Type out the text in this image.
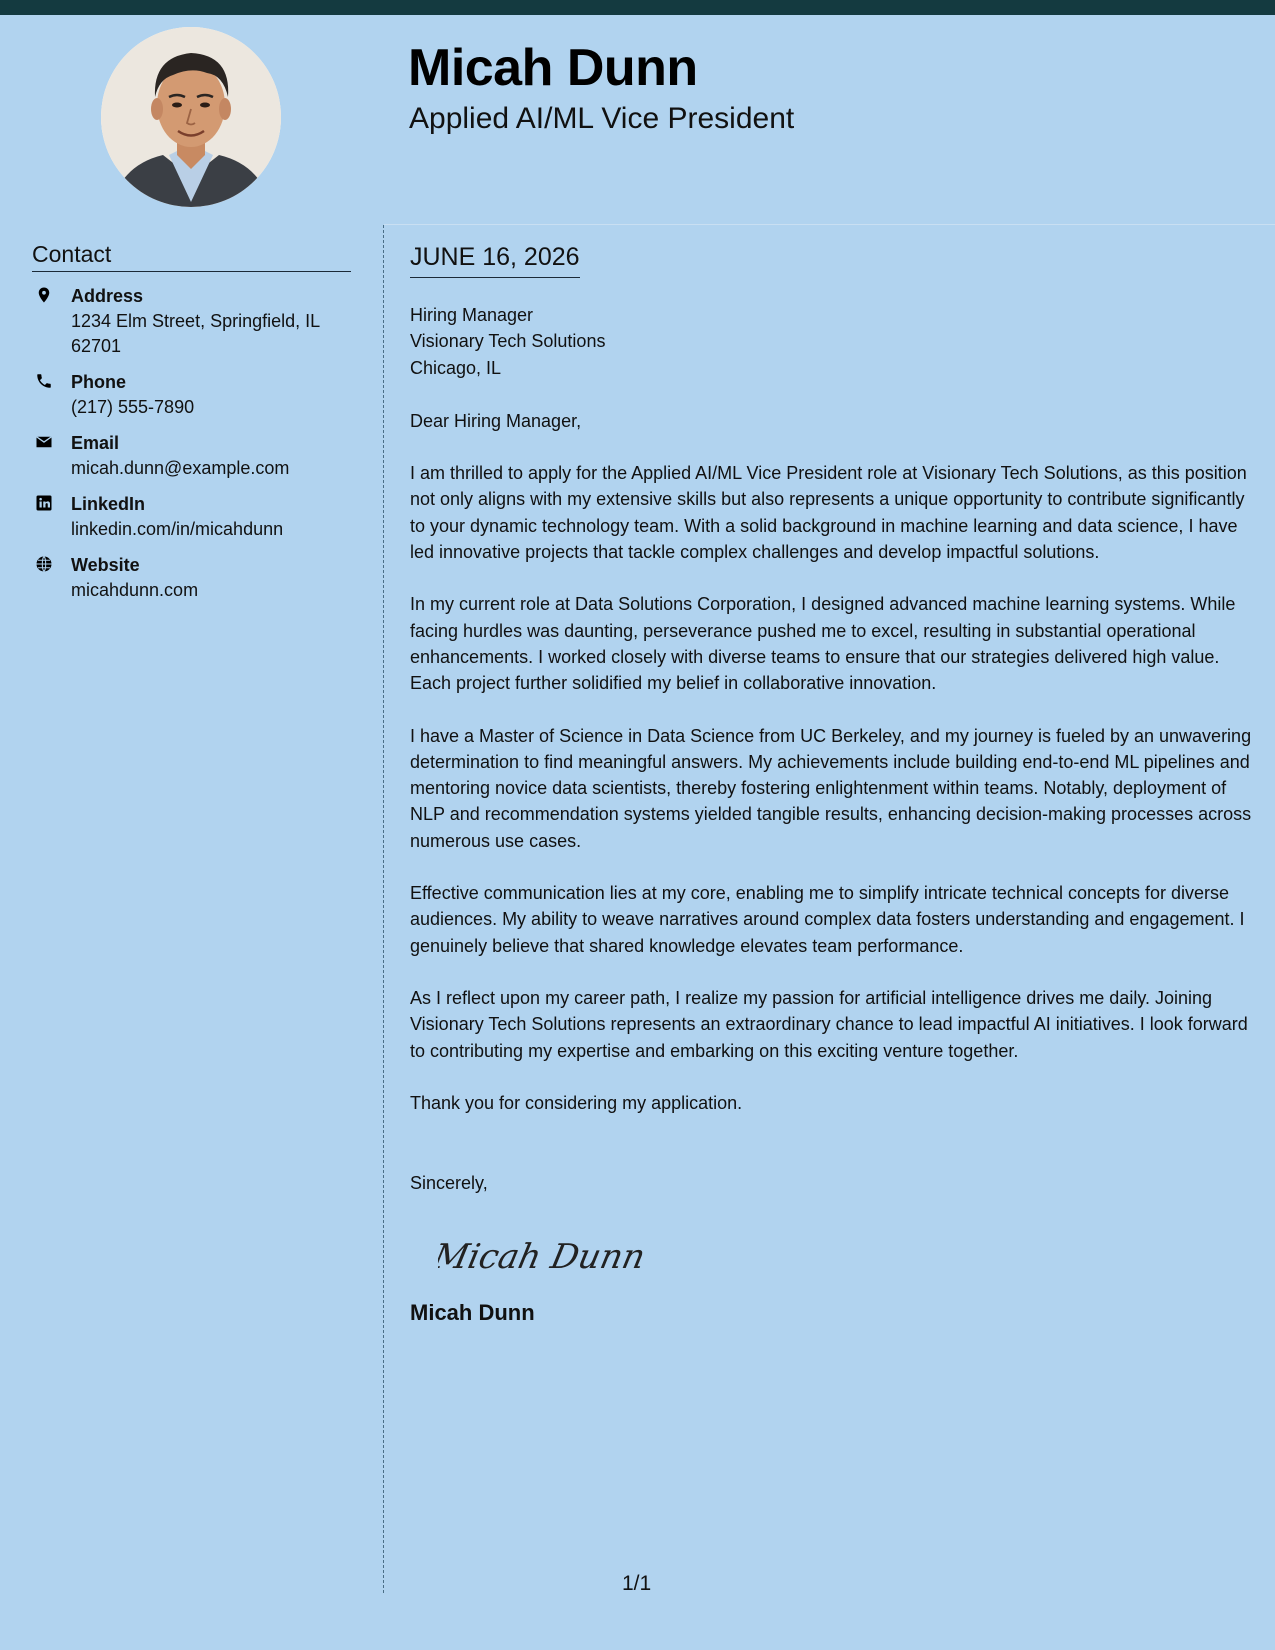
Micah Dunn
Applied AI/ML Vice President
Contact
Address
1234 Elm Street, Springfield, IL 62701
Phone
(217) 555-7890
Email
micah.dunn@example.com
LinkedIn
linkedin.com/in/micahdunn
Website
micahdunn.com
JUNE 16, 2026
Hiring Manager
Visionary Tech Solutions
Chicago, IL

Dear Hiring Manager,

I am thrilled to apply for the Applied AI/ML Vice President role at Visionary Tech Solutions, as this position not only aligns with my extensive skills but also represents a unique opportunity to contribute significantly to your dynamic technology team. With a solid background in machine learning and data science, I have led innovative projects that tackle complex challenges and develop impactful solutions.

In my current role at Data Solutions Corporation, I designed advanced machine learning systems. While facing hurdles was daunting, perseverance pushed me to excel, resulting in substantial operational enhancements. I worked closely with diverse teams to ensure that our strategies delivered high value. Each project further solidified my belief in collaborative innovation.

I have a Master of Science in Data Science from UC Berkeley, and my journey is fueled by an unwavering determination to find meaningful answers. My achievements include building end-to-end ML pipelines and mentoring novice data scientists, thereby fostering enlightenment within teams. Notably, deployment of NLP and recommendation systems yielded tangible results, enhancing decision-making processes across numerous use cases.

Effective communication lies at my core, enabling me to simplify intricate technical concepts for diverse audiences. My ability to weave narratives around complex data fosters understanding and engagement. I genuinely believe that shared knowledge elevates team performance.

As I reflect upon my career path, I realize my passion for artificial intelligence drives me daily. Joining Visionary Tech Solutions represents an extraordinary chance to lead impactful AI initiatives. I look forward to contributing my expertise and embarking on this exciting venture together.

Thank you for considering my application.

Sincerely,
Micah Dunn
Micah Dunn
1/1
